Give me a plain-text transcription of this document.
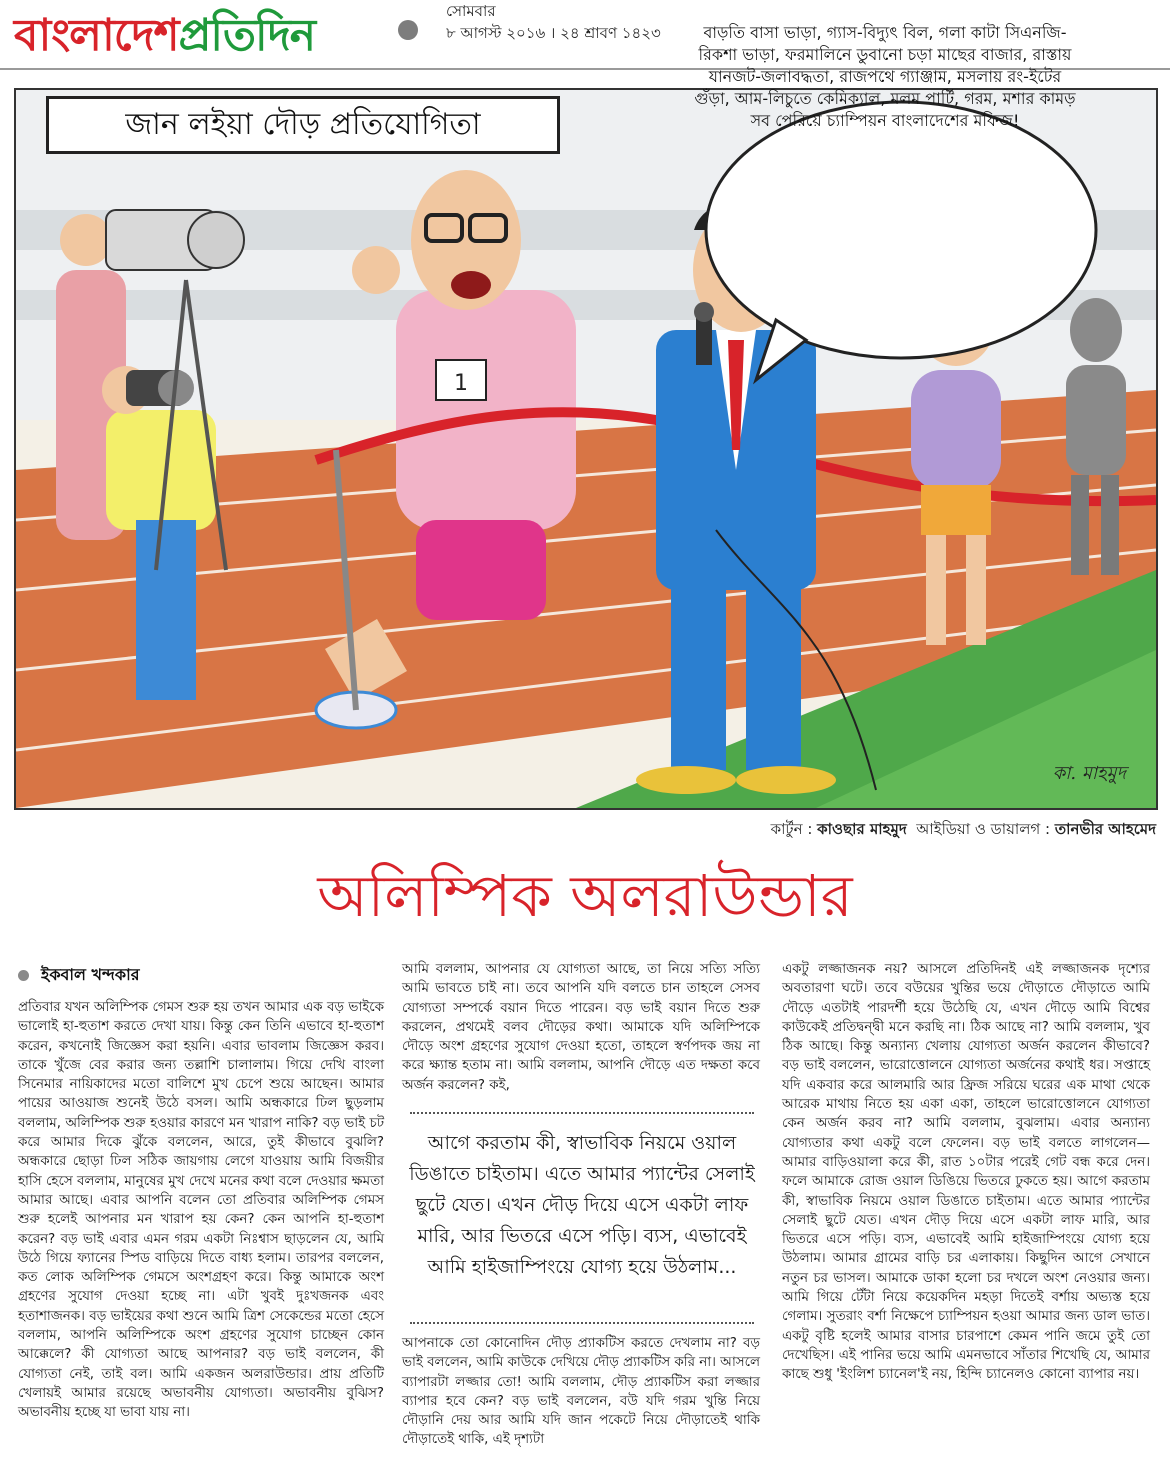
বাংলাদেশপ্রতিদিন	সোমবার
৮ আগস্ট ২০১৬ । ২৪ শ্রাবণ ১৪২৩
1
জান লইয়া দৌড় প্রতিযোগিতা
কা. মাহমুদ
বাড়তি বাসা ভাড়া, গ্যাস-বিদ্যুৎ বিল, গলা কাটা সিএনজি-রিকশা ভাড়া, ফরমালিনে ডুবানো চড়া মাছের বাজার, রাস্তায় যানজট-জলাবদ্ধতা, রাজপথে গ্যাঞ্জাম, মসলায় রং-ইটের গুঁড়া, আম-লিচুতে কেমিক্যাল, মলম পার্টি, গরম, মশার কামড় সব পেরিয়ে চ্যাম্পিয়ন বাংলাদেশের মফিজ!
কার্টুন : কাওছার মাহমুদ আইডিয়া ও ডায়ালগ : তানভীর আহমেদ
অলিম্পিক অলরাউন্ডার
ইকবাল খন্দকার

প্রতিবার যখন অলিম্পিক গেমস শুরু হয় তখন আমার এক বড় ভাইকে ভালোই হা-হুতাশ করতে দেখা যায়। কিন্তু কেন তিনি এভাবে হা-হুতাশ করেন, কখনোই জিজ্ঞেস করা হয়নি। এবার ভাবলাম জিজ্ঞেস করব। তাকে খুঁজে বের করার জন্য তল্লাশি চালালাম। গিয়ে দেখি বাংলা সিনেমার নায়িকাদের মতো বালিশে মুখ চেপে শুয়ে আছেন। আমার পায়ের আওয়াজ শুনেই উঠে বসল। আমি অন্ধকারে ঢিল ছুড়লাম বললাম, অলিম্পিক শুরু হওয়ার কারণে মন খারাপ নাকি? বড় ভাই চট করে আমার দিকে ঝুঁকে বললেন, আরে, তুই কীভাবে বুঝলি? অন্ধকারে ছোড়া ঢিল সঠিক জায়গায় লেগে যাওয়ায় আমি বিজয়ীর হাসি হেসে বললাম, মানুষের মুখ দেখে মনের কথা বলে দেওয়ার ক্ষমতা আমার আছে। এবার আপনি বলেন তো প্রতিবার অলিম্পিক গেমস শুরু হলেই আপনার মন খারাপ হয় কেন? কেন আপনি হা-হুতাশ করেন? বড় ভাই এবার এমন গরম একটা নিঃশ্বাস ছাড়লেন যে, আমি উঠে গিয়ে ফ্যানের স্পিড বাড়িয়ে দিতে বাধ্য হলাম। তারপর বললেন, কত লোক অলিম্পিক গেমসে অংশগ্রহণ করে। কিন্তু আমাকে অংশ গ্রহণের সুযোগ দেওয়া হচ্ছে না। এটা খুবই দুঃখজনক এবং হতাশাজনক। বড় ভাইয়ের কথা শুনে আমি ত্রিশ সেকেন্ডের মতো হেসে বললাম, আপনি অলিম্পিকে অংশ গ্রহণের সুযোগ চাচ্ছেন কোন আক্কেলে? কী যোগ্যতা আছে আপনার? বড় ভাই বললেন, কী যোগ্যতা নেই, তাই বল। আমি একজন অলরাউন্ডার। প্রায় প্রতিটি খেলায়ই আমার রয়েছে অভাবনীয় যোগ্যতা। অভাবনীয় বুঝিস? অভাবনীয় হচ্ছে যা ভাবা যায় না।

আমি বললাম, আপনার যে যোগ্যতা আছে, তা নিয়ে সত্যি সত্যি আমি ভাবতে চাই না। তবে আপনি যদি বলতে চান তাহলে সেসব যোগ্যতা সম্পর্কে বয়ান দিতে পারেন। বড় ভাই বয়ান দিতে শুরু করলেন, প্রথমেই বলব দৌড়ের কথা। আমাকে যদি অলিম্পিকে দৌড়ে অংশ গ্রহণের সুযোগ দেওয়া হতো, তাহলে স্বর্ণপদক জয় না করে ক্ষ্যান্ত হতাম না। আমি বললাম, আপনি দৌড়ে এত দক্ষতা কবে অর্জন করলেন? কই,

আগে করতাম কী, স্বাভাবিক নিয়মে ওয়াল ডিঙাতে চাইতাম। এতে আমার প্যান্টের সেলাই ছুটে যেত। এখন দৌড় দিয়ে এসে একটা লাফ মারি, আর ভিতরে এসে পড়ি। ব্যস, এভাবেই আমি হাইজাম্পিংয়ে যোগ্য হয়ে উঠলাম...

আপনাকে তো কোনোদিন দৌড় প্র্যাকটিস করতে দেখলাম না? বড় ভাই বললেন, আমি কাউকে দেখিয়ে দৌড় প্র্যাকটিস করি না। আসলে ব্যাপারটা লজ্জার তো! আমি বললাম, দৌড় প্র্যাকটিস করা লজ্জার ব্যাপার হবে কেন? বড় ভাই বললেন, বউ যদি গরম খুন্তি নিয়ে দৌড়ানি দেয় আর আমি যদি জান পকেটে নিয়ে দৌড়াতেই থাকি দৌড়াতেই থাকি, এই দৃশ্যটা

একটু লজ্জাজনক নয়? আসলে প্রতিদিনই এই লজ্জাজনক দৃশ্যের অবতারণা ঘটে। তবে বউয়ের খুন্তির ভয়ে দৌড়াতে দৌড়াতে আমি দৌড়ে এতটাই পারদর্শী হয়ে উঠেছি যে, এখন দৌড়ে আমি বিশ্বের কাউকেই প্রতিদ্বন্দ্বী মনে করছি না। ঠিক আছে না? আমি বললাম, খুব ঠিক আছে। কিন্তু অন্যান্য খেলায় যোগ্যতা অর্জন করলেন কীভাবে? বড় ভাই বললেন, ভারোত্তোলনে যোগ্যতা অর্জনের কথাই ধর। সপ্তাহে যদি একবার করে আলমারি আর ফ্রিজ সরিয়ে ঘরের এক মাথা থেকে আরেক মাথায় নিতে হয় একা একা, তাহলে ভারোত্তোলনে যোগ্যতা কেন অর্জন করব না? আমি বললাম, বুঝলাম। এবার অন্যান্য যোগ্যতার কথা একটু বলে ফেলেন। বড় ভাই বলতে লাগলেন— আমার বাড়িওয়ালা করে কী, রাত ১০টার পরেই গেট বন্ধ করে দেন। ফলে আমাকে রোজ ওয়াল ডিঙিয়ে ভিতরে ঢুকতে হয়। আগে করতাম কী, স্বাভাবিক নিয়মে ওয়াল ডিঙাতে চাইতাম। এতে আমার প্যান্টের সেলাই ছুটে যেত। এখন দৌড় দিয়ে এসে একটা লাফ মারি, আর ভিতরে এসে পড়ি। ব্যস, এভাবেই আমি হাইজাম্পিংয়ে যোগ্য হয়ে উঠলাম। আমার গ্রামের বাড়ি চর এলাকায়। কিছুদিন আগে সেখানে নতুন চর ভাসল। আমাকে ডাকা হলো চর দখলে অংশ নেওয়ার জন্য। আমি গিয়ে টেঁটা নিয়ে কয়েকদিন মহড়া দিতেই বর্শায় অভ্যস্ত হয়ে গেলাম। সুতরাং বর্শা নিক্ষেপে চ্যাম্পিয়ন হওয়া আমার জন্য ডাল ভাত। একটু বৃষ্টি হলেই আমার বাসার চারপাশে কেমন পানি জমে তুই তো দেখেছিস। এই পানির ভয়ে আমি এমনভাবে সাঁতার শিখেছি যে, আমার কাছে শুধু 'ইংলিশ চ্যানেল'ই নয়, হিন্দি চ্যানেলও কোনো ব্যাপার নয়।
